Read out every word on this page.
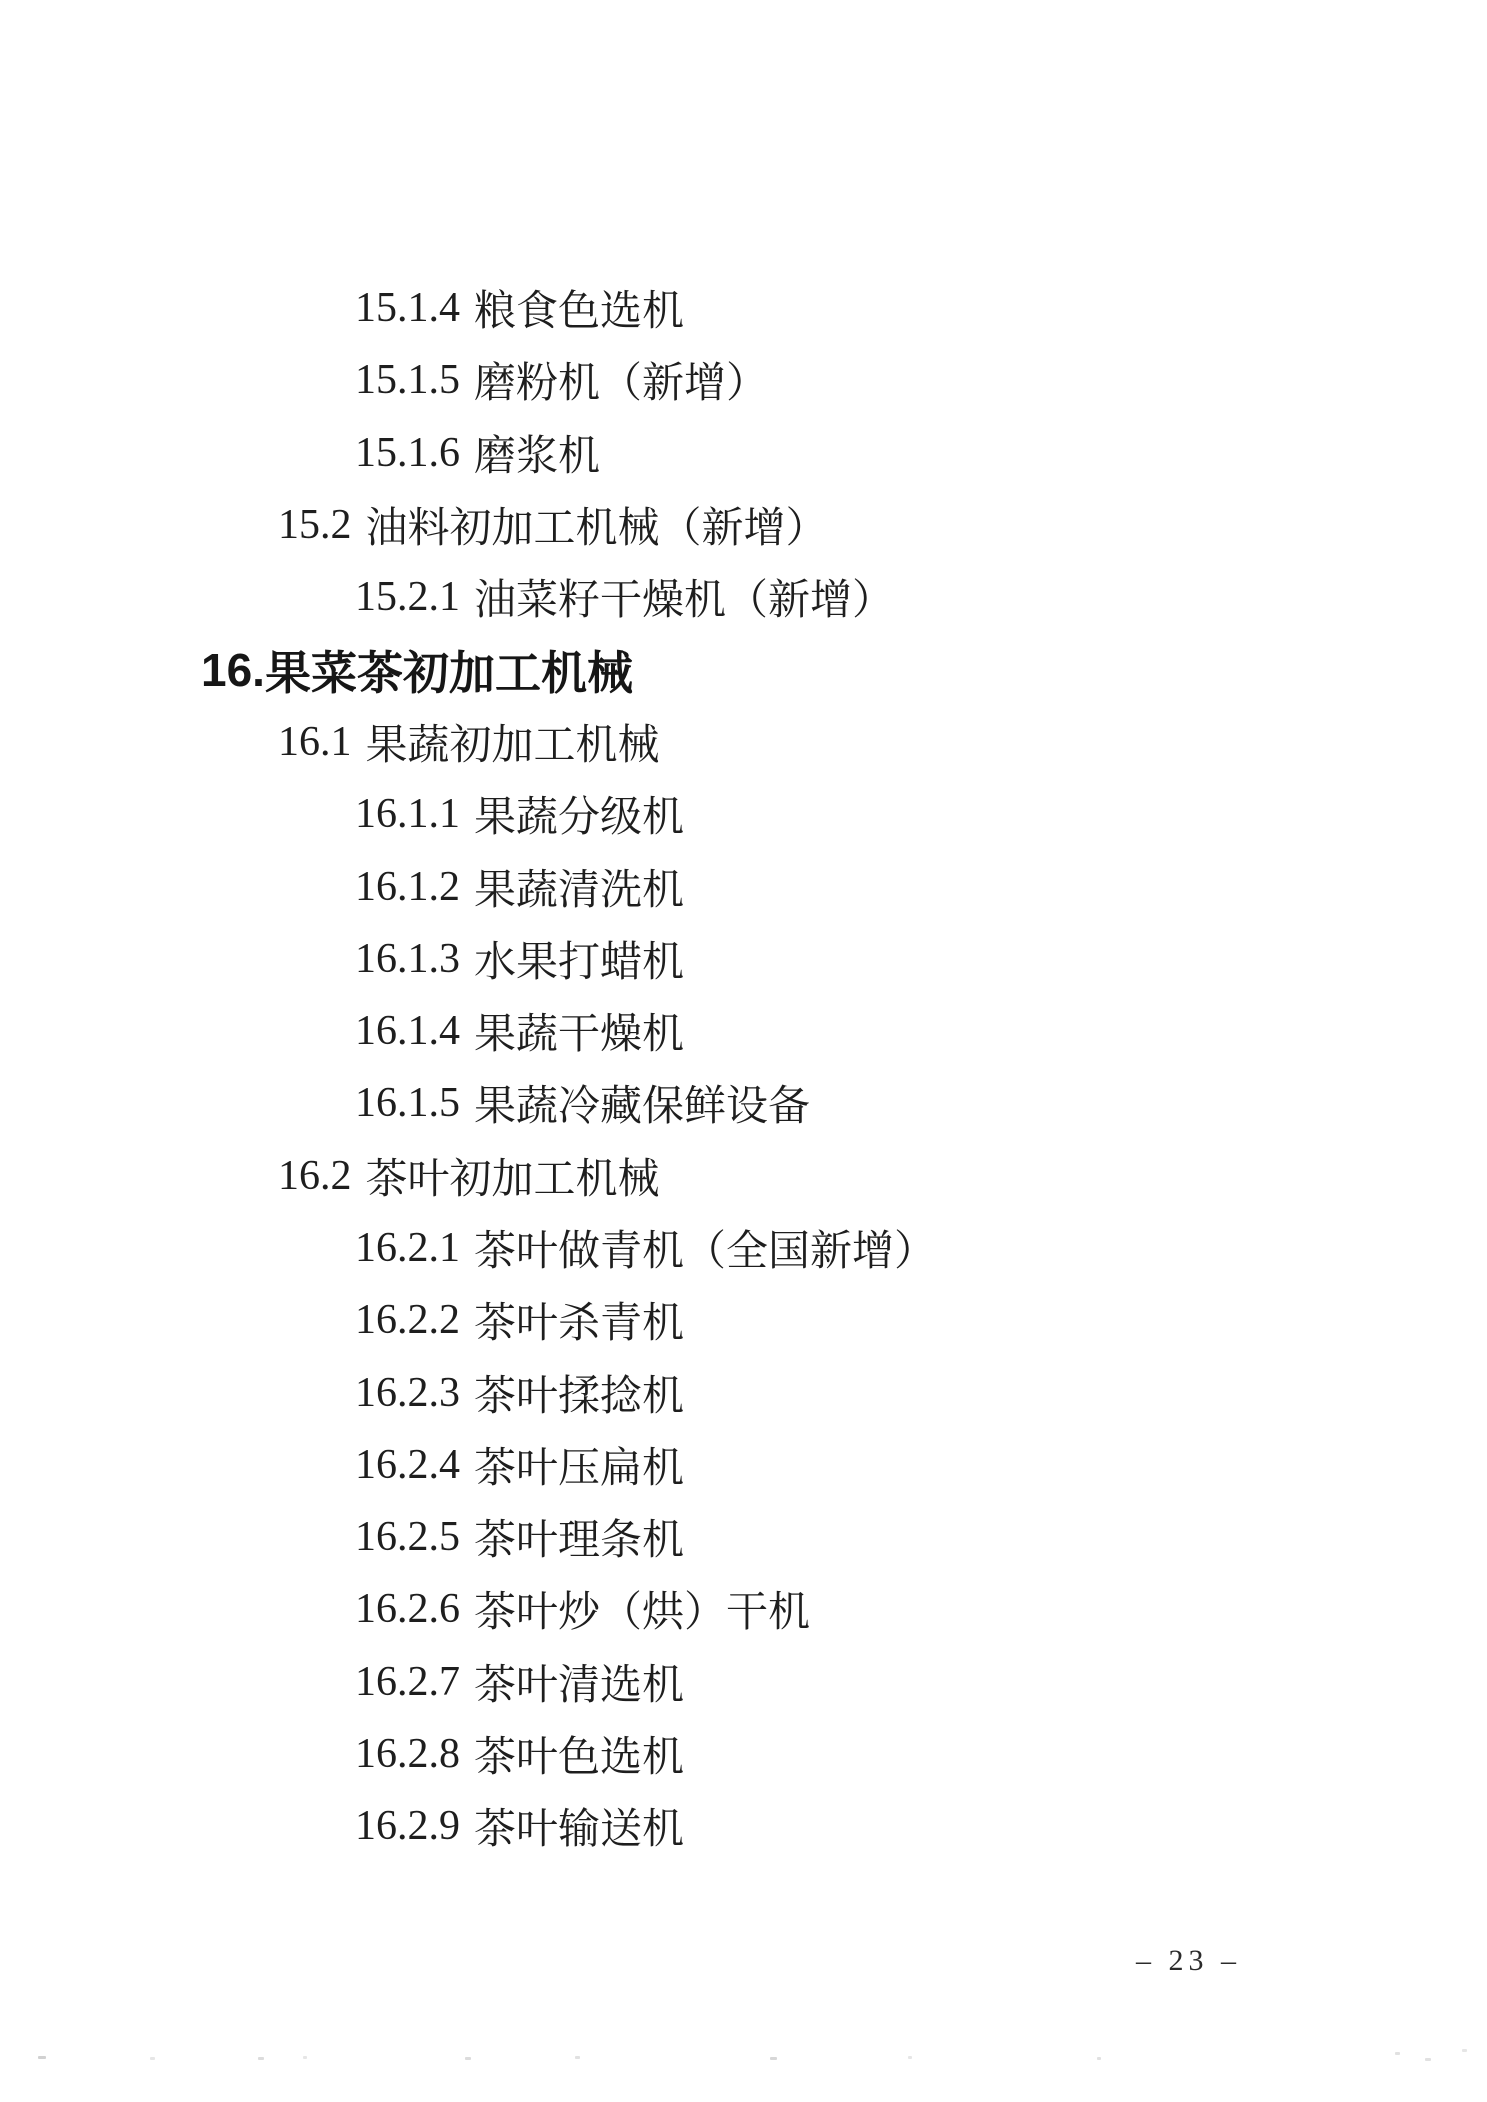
15.1.4 粮食色选机
15.1.5 磨粉机（新增）
15.1.6 磨浆机
15.2 油料初加工机械（新增）
15.2.1 油菜籽干燥机（新增）
16. 果菜茶初加工机械
16.1 果蔬初加工机械
16.1.1 果蔬分级机
16.1.2 果蔬清洗机
16.1.3 水果打蜡机
16.1.4 果蔬干燥机
16.1.5 果蔬冷藏保鲜设备
16.2 茶叶初加工机械
16.2.1 茶叶做青机（全国新增）
16.2.2 茶叶杀青机
16.2.3 茶叶揉捻机
16.2.4 茶叶压扁机
16.2.5 茶叶理条机
16.2.6 茶叶炒（烘）干机
16.2.7 茶叶清选机
16.2.8 茶叶色选机
16.2.9 茶叶输送机
– 23 –
